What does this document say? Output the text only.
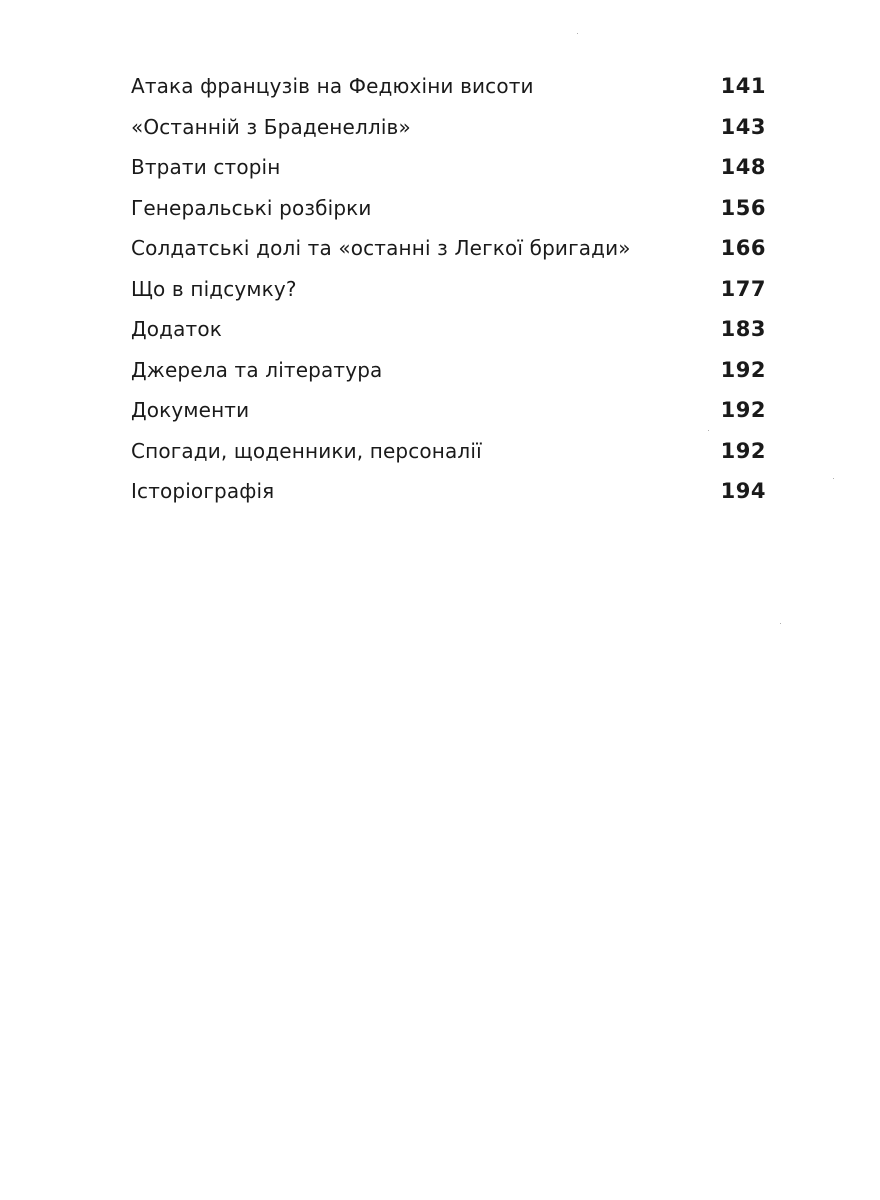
Атака французів на Федюхіни висоти	141
«Останній з Браденеллів»	143
Втрати сторін	148
Генеральські розбірки	156
Солдатські долі та «останні з Легкої бригади»	166
Що в підсумку?	177
Додаток	183
Джерела та література	192
Документи	192
Спогади, щоденники, персоналії	192
Історіографія	194
